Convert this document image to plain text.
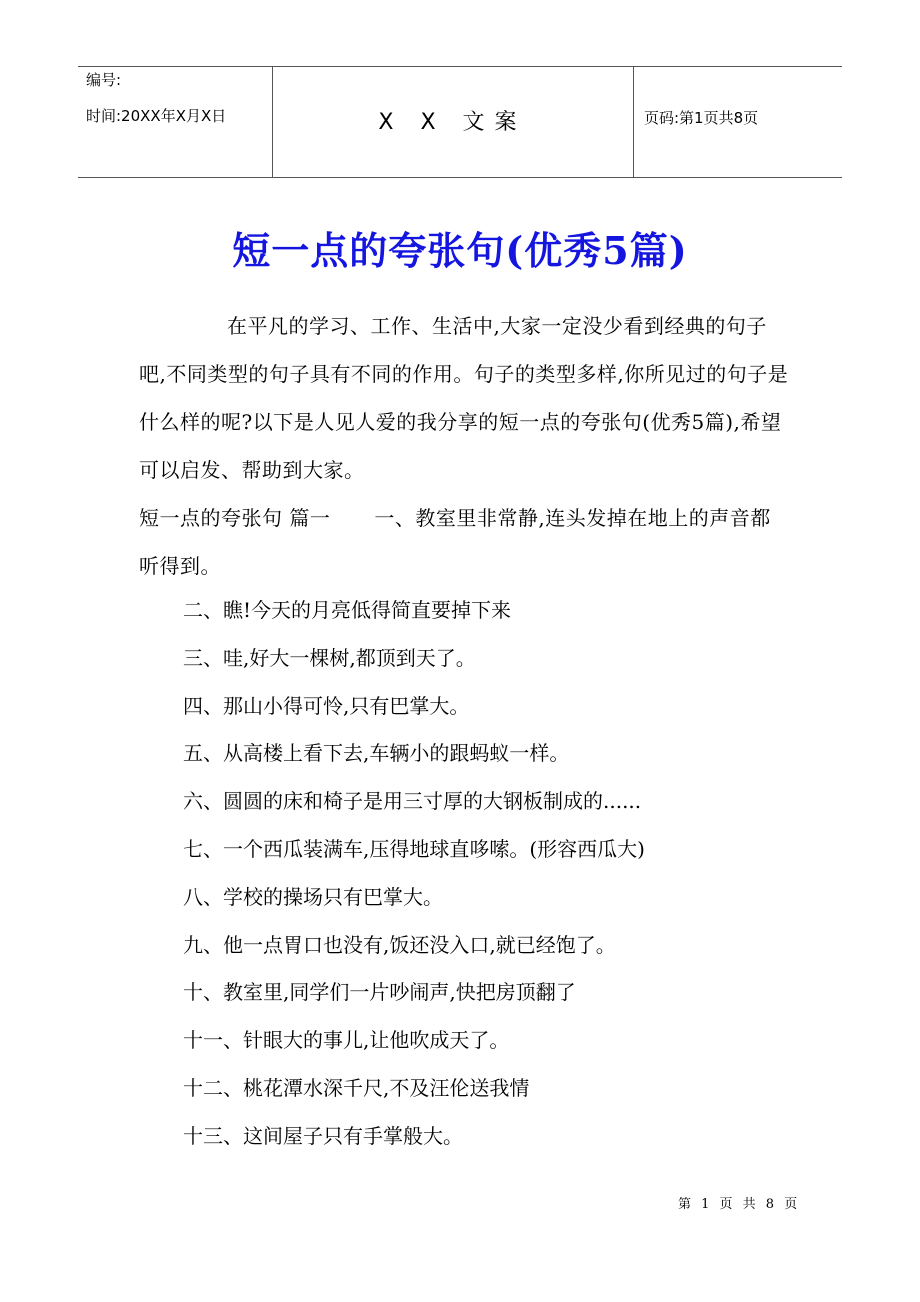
编号:
时间:20XX年X月X日	X X 文案	页码:第1页共8页
短一点的夸张句(优秀5篇)
在平凡的学习、工作、生活中,大家一定没少看到经典的句子吧,不同类型的句子具有不同的作用。句子的类型多样,你所见过的句子是什么样的呢?以下是人见人爱的我分享的短一点的夸张句(优秀5篇),希望可以启发、帮助到大家。
短一点的夸张句 篇一 一、教室里非常静,连头发掉在地上的声音都听得到。
二、瞧!今天的月亮低得简直要掉下来
三、哇,好大一棵树,都顶到天了。
四、那山小得可怜,只有巴掌大。
五、从高楼上看下去,车辆小的跟蚂蚁一样。
六、圆圆的床和椅子是用三寸厚的大钢板制成的......
七、一个西瓜装满车,压得地球直哆嗦。(形容西瓜大)
八、学校的操场只有巴掌大。
九、他一点胃口也没有,饭还没入口,就已经饱了。
十、教室里,同学们一片吵闹声,快把房顶翻了
十一、针眼大的事儿,让他吹成天了。
十二、桃花潭水深千尺,不及汪伦送我情
十三、这间屋子只有手掌般大。
第 1 页 共 8 页
